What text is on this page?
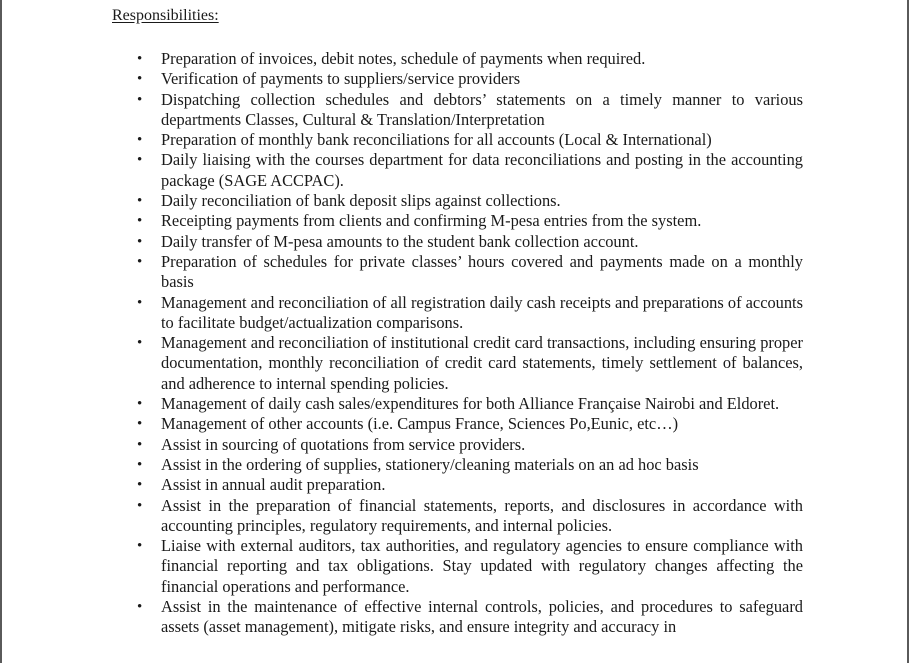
Responsibilities:
• Preparation of invoices, debit notes, schedule of payments when required.
• Verification of payments to suppliers/service providers
• Dispatching collection schedules and debtors’ statements on a timely manner to various departments Classes, Cultural & Translation/Interpretation
• Preparation of monthly bank reconciliations for all accounts (Local & International)
• Daily liaising with the courses department for data reconciliations and posting in the accounting package (SAGE ACCPAC).
• Daily reconciliation of bank deposit slips against collections.
• Receipting payments from clients and confirming M-pesa entries from the system.
• Daily transfer of M-pesa amounts to the student bank collection account.
• Preparation of schedules for private classes’ hours covered and payments made on a monthly basis
• Management and reconciliation of all registration daily cash receipts and preparations of accounts to facilitate budget/actualization comparisons.
• Management and reconciliation of institutional credit card transactions, including ensuring proper documentation, monthly reconciliation of credit card statements, timely settlement of balances, and adherence to internal spending policies.
• Management of daily cash sales/expenditures for both Alliance Française Nairobi and Eldoret.
• Management of other accounts (i.e. Campus France, Sciences Po,Eunic, etc…)
• Assist in sourcing of quotations from service providers.
• Assist in the ordering of supplies, stationery/cleaning materials on an ad hoc basis
• Assist in annual audit preparation.
• Assist in the preparation of financial statements, reports, and disclosures in accordance with accounting principles, regulatory requirements, and internal policies.
• Liaise with external auditors, tax authorities, and regulatory agencies to ensure compliance with financial reporting and tax obligations. Stay updated with regulatory changes affecting the financial operations and performance.
• Assist in the maintenance of effective internal controls, policies, and procedures to safeguard assets (asset management), mitigate risks, and ensure integrity and accuracy in
